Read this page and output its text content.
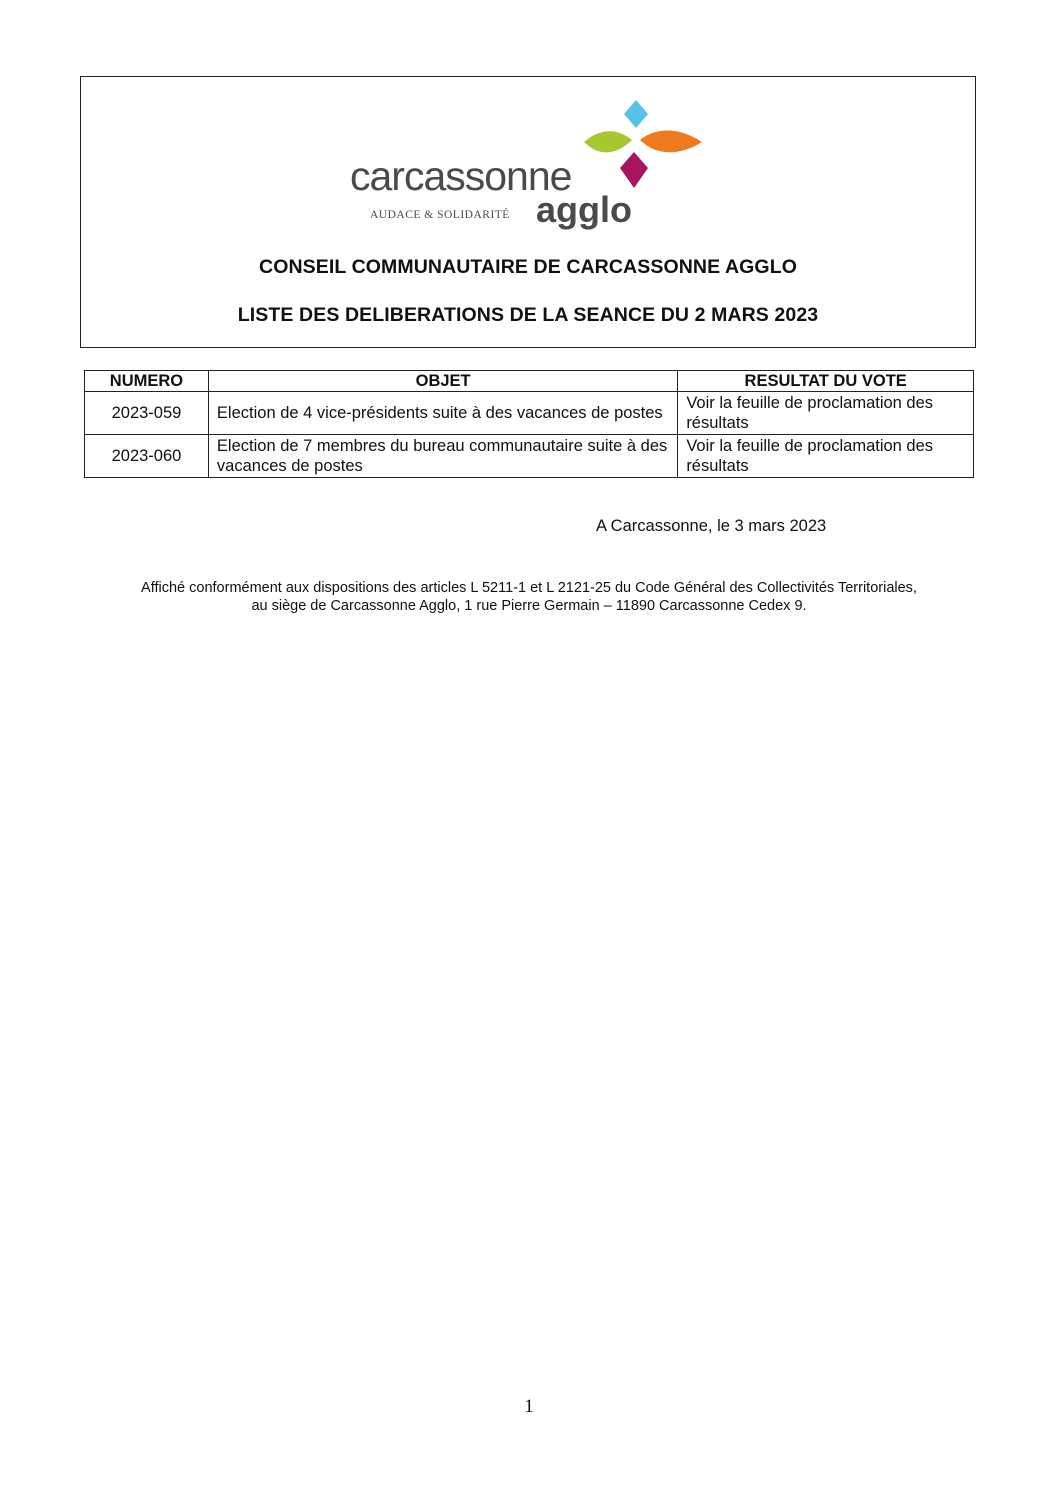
carcassonne
AUDACE & SOLIDARITÉ agglo
CONSEIL COMMUNAUTAIRE DE CARCASSONNE AGGLO
LISTE DES DELIBERATIONS DE LA SEANCE DU 2 MARS 2023
NUMERO	OBJET	RESULTAT DU VOTE
2023-059	Election de 4 vice-présidents suite à des vacances de postes	Voir la feuille de proclamation des résultats
2023-060	Election de 7 membres du bureau communautaire suite à des vacances de postes	Voir la feuille de proclamation des résultats
A Carcassonne, le 3 mars 2023
Affiché conformément aux dispositions des articles L 5211-1 et L 2121-25 du Code Général des Collectivités Territoriales,
au siège de Carcassonne Agglo, 1 rue Pierre Germain – 11890 Carcassonne Cedex 9.
1
